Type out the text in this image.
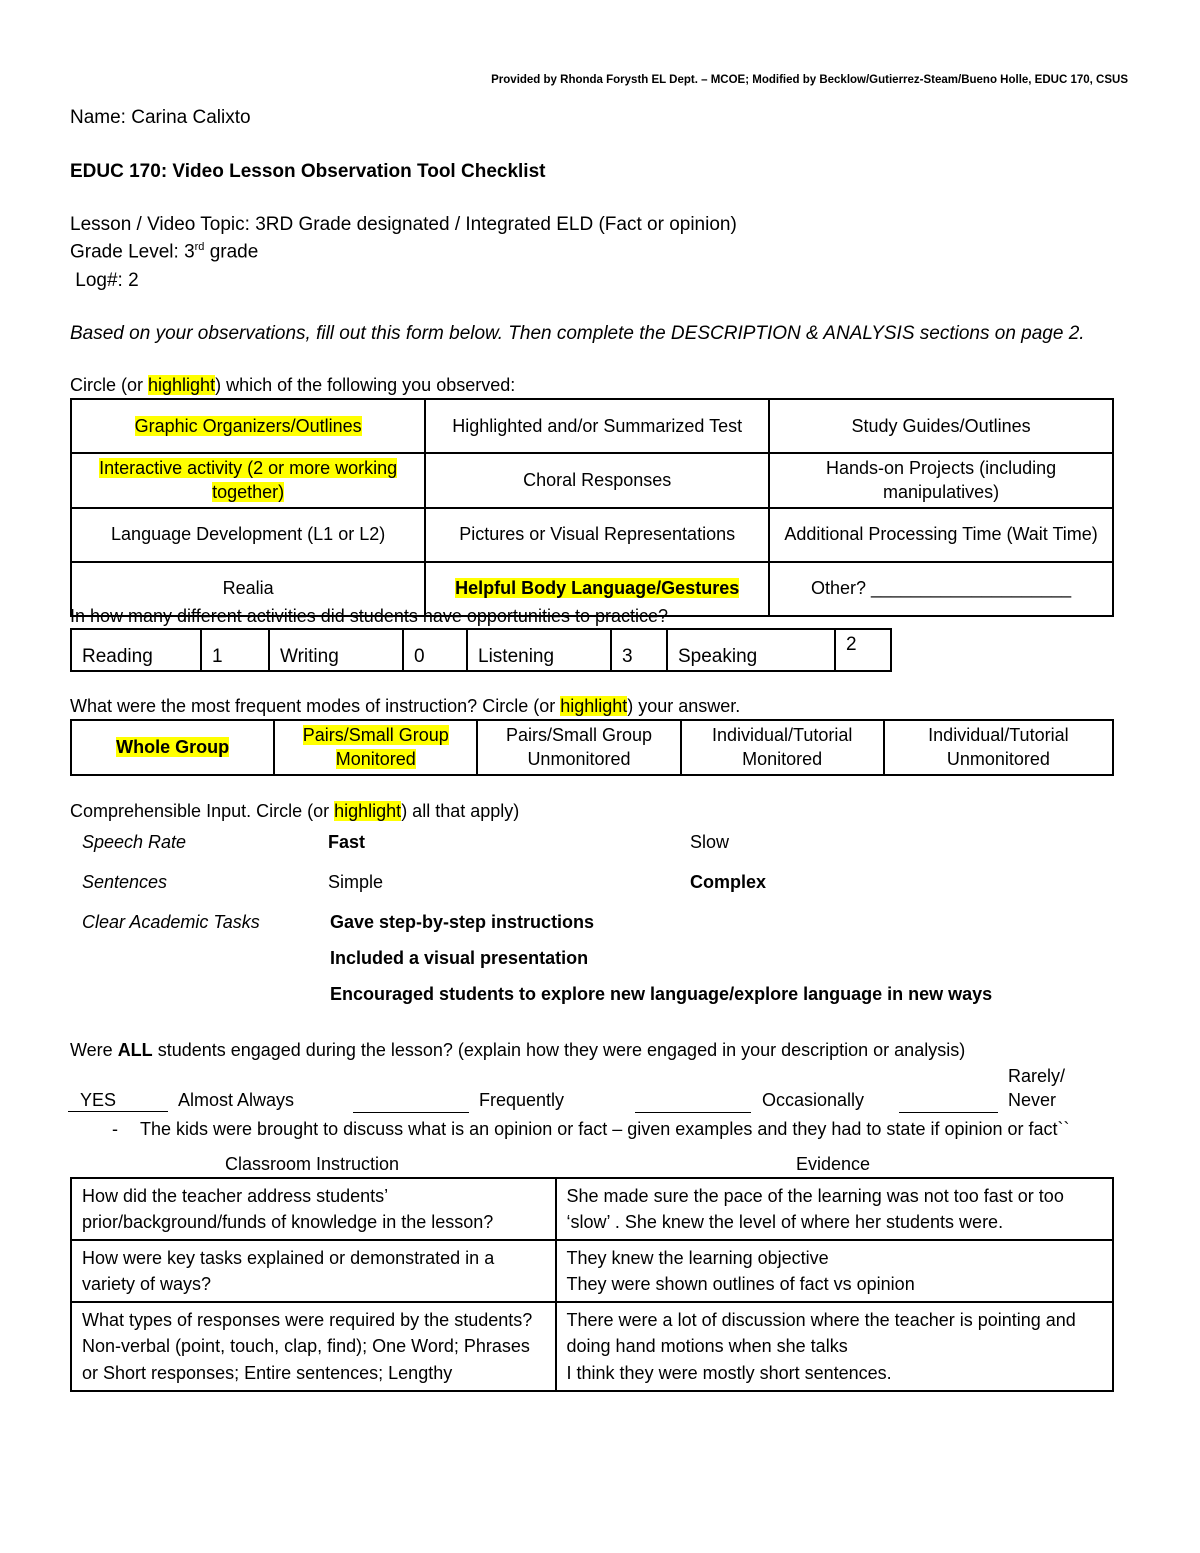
Provided by Rhonda Forysth EL Dept. – MCOE; Modified by Becklow/Gutierrez-Steam/Bueno Holle, EDUC 170, CSUS
Name: Carina Calixto
EDUC 170: Video Lesson Observation Tool Checklist
Lesson / Video Topic: 3RD Grade designated / Integrated ELD (Fact or opinion)
Grade Level: 3rd grade
Log#: 2
Based on your observations, fill out this form below. Then complete the DESCRIPTION & ANALYSIS sections on page 2.
Circle (or highlight) which of the following you observed:
Graphic Organizers/Outlines	Highlighted and/or Summarized Test	Study Guides/Outlines
Interactive activity (2 or more working together)	Choral Responses	Hands-on Projects (including manipulatives)
Language Development (L1 or L2)	Pictures or Visual Representations	Additional Processing Time (Wait Time)
Realia	Helpful Body Language/Gestures	Other? ____________________
In how many different activities did students have opportunities to practice?
Reading	1	Writing	0	Listening	3	Speaking	2
What were the most frequent modes of instruction? Circle (or highlight) your answer.
Whole Group	Pairs/Small Group Monitored	Pairs/Small Group Unmonitored	Individual/Tutorial Monitored	Individual/Tutorial Unmonitored
Comprehensible Input. Circle (or highlight) all that apply)
Speech Rate	Fast	Slow
Sentences	Simple	Complex
Clear Academic Tasks	Gave step-by-step instructions
Included a visual presentation
Encouraged students to explore new language/explore language in new ways
Were ALL students engaged during the lesson? (explain how they were engaged in your description or analysis)
Rarely/
YES	Almost Always	Frequently	Occasionally	Never
- The kids were brought to discuss what is an opinion or fact – given examples and they had to state if opinion or fact``
Classroom Instruction	Evidence
How did the teacher address students’ prior/background/funds of knowledge in the lesson?	She made sure the pace of the learning was not too fast or too ‘slow’ . She knew the level of where her students were.
How were key tasks explained or demonstrated in a variety of ways?	They knew the learning objective
They were shown outlines of fact vs opinion
What types of responses were required by the students? Non-verbal (point, touch, clap, find); One Word; Phrases or Short responses; Entire sentences; Lengthy	There were a lot of discussion where the teacher is pointing and doing hand motions when she talks
I think they were mostly short sentences.
